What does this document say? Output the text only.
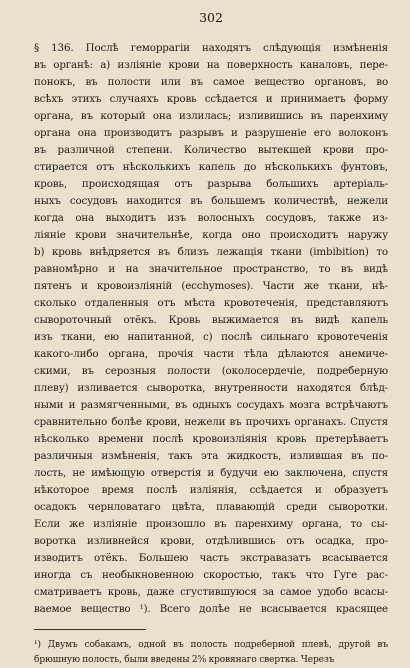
302
§ 136. Послѣ геморрагіи находятъ слѣдующія измѣненія
въ органѣ: а) изліяніе крови на поверхность каналовъ, пере-
понокъ, въ полости или въ самое вещество органовъ, во
всѣхъ этихъ случаяхъ кровь ссѣдается и принимаетъ форму
органа, въ который она излилась; изливишись въ паренхиму
органа она производитъ разрывъ и разрушеніе его волоконъ
въ различной степени. Количество вытекшей крови про-
стирается отъ нѣсколькихъ капель до нѣсколькихъ фунтовъ,
кровь, происходящая отъ разрыва большихъ артеріаль-
ныхъ сосудовъ находится въ большемъ количествѣ, нежели
когда она выходитъ изъ волосныхъ сосудовъ, также из-
ліяніе крови значительнѣе, когда оно происходитъ наружу
b) кровь внѣдряется въ близъ лежащія ткани (imbibition) то
равномѣрно и на значительное пространство, то въ видѣ
пятенъ и кровоизліяній (ecchymoses). Части же ткани, нѣ-
сколько отдаленныя отъ мѣста кровотеченія, представляютъ
сывороточный отёкъ. Кровь выжимается въ видѣ капель
изъ ткани, ею напитанной, с) послѣ сильнаго кровотеченія
какого-либо органа, прочія части тѣла дѣлаются анемиче-
скими, въ серозныя полости (околосердечіе, подреберную
плеву) изливается сыворотка, внутренности находятся блѣд-
ными и размягченными, въ одныхъ сосудахъ мозга встрѣчаютъ
сравнительно болѣе крови, нежели въ прочихъ органахъ. Спустя
нѣсколько времени послѣ кровоизліянія кровь претерѣваетъ
различныя измѣненія, такъ эта жидкость, излившая въ по-
лость, не имѣющую отверстія и будучи ею заключена, спустя
нѣкоторое время послѣ изліянія, ссѣдается и образуетъ
осадокъ чернловатаго цвѣта, плавающій среди сыворотки.
Если же изліяніе произошло въ паренхиму органа, то сы-
воротка изливнейся крови, отдѣлившись отъ осадка, про-
изводитъ отёкъ. Большею часть экстравазатъ всасывается
иногда съ необыкновенною скоростью, такъ что Гуге рас-
сматриваетъ кровь, даже сгустившуюся за самое удобо всасы-
ваемое вещество ¹). Всего долѣе не всасывается красящее
¹) Двумъ собакамъ, одной въ полость подреберной плевѣ, другой въ
брюшную полость, были введены 2⅝ кровянаго свертка. Черезъ
